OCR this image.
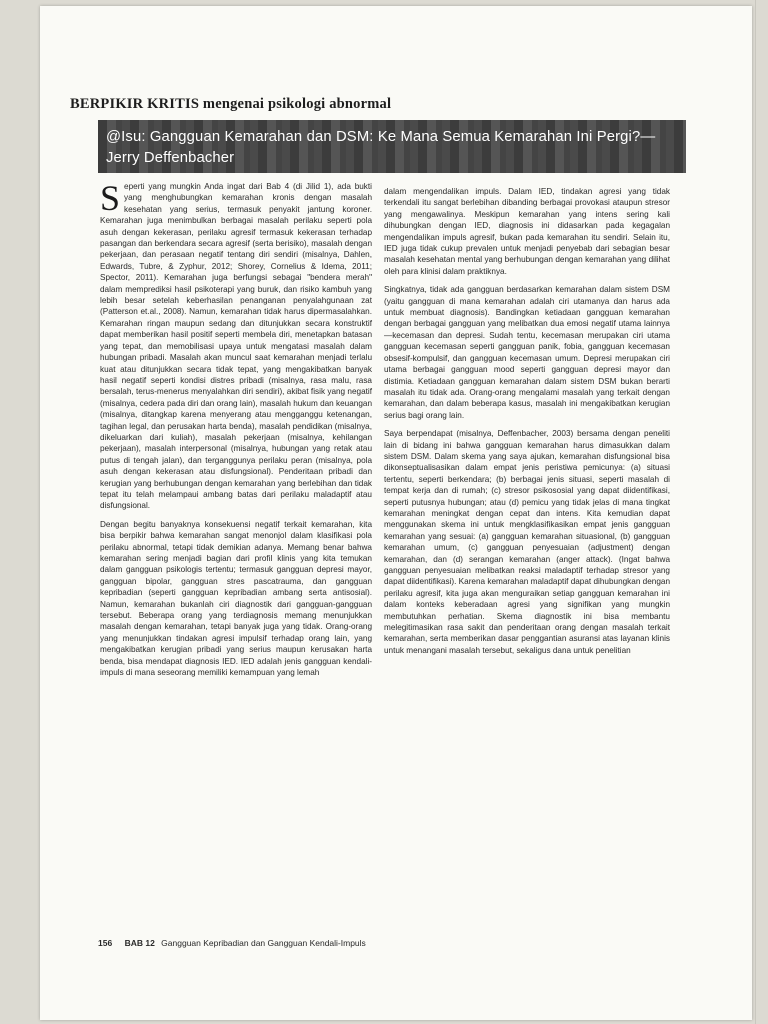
BERPIKIR KRITIS mengenai psikologi abnormal
@Isu: Gangguan Kemarahan dan DSM: Ke Mana Semua Kemarahan Ini Pergi?—Jerry Deffenbacher

Seperti yang mungkin Anda ingat dari Bab 4 (di Jilid 1), ada bukti yang menghubungkan kemarahan kronis dengan masalah kesehatan yang serius, termasuk penyakit jantung koroner. Kemarahan juga menimbulkan berbagai masalah perilaku seperti pola asuh dengan kekerasan, perilaku agresif termasuk kekerasan terhadap pasangan dan berkendara secara agresif (serta berisiko), masalah dengan pekerjaan, dan perasaan negatif tentang diri sendiri (misalnya, Dahlen, Edwards, Tubre, & Zyphur, 2012; Shorey, Cornelius & Idema, 2011; Spector, 2011). Kemarahan juga berfungsi sebagai "bendera merah" dalam memprediksi hasil psikoterapi yang buruk, dan risiko kambuh yang lebih besar setelah keberhasilan penanganan penyalahgunaan zat (Patterson et.al., 2008). Namun, kemarahan tidak harus dipermasalahkan. Kemarahan ringan maupun sedang dan ditunjukkan secara konstruktif dapat memberikan hasil positif seperti membela diri, menetapkan batasan yang tepat, dan memobilisasi upaya untuk mengatasi masalah dalam hubungan pribadi. Masalah akan muncul saat kemarahan menjadi terlalu kuat atau ditunjukkan secara tidak tepat, yang mengakibatkan banyak hasil negatif seperti kondisi distres pribadi (misalnya, rasa malu, rasa bersalah, terus-menerus menyalahkan diri sendiri), akibat fisik yang negatif (misalnya, cedera pada diri dan orang lain), masalah hukum dan keuangan (misalnya, ditangkap karena menyerang atau mengganggu ketenangan, tagihan legal, dan perusakan harta benda), masalah pendidikan (misalnya, dikeluarkan dari kuliah), masalah pekerjaan (misalnya, kehilangan pekerjaan), masalah interpersonal (misalnya, hubungan yang retak atau putus di tengah jalan), dan terganggunya perilaku peran (misalnya, pola asuh dengan kekerasan atau disfungsional). Penderitaan pribadi dan kerugian yang berhubungan dengan kemarahan yang berlebihan dan tidak tepat itu telah melampaui ambang batas dari perilaku maladaptif atau disfungsional.

Dengan begitu banyaknya konsekuensi negatif terkait kemarahan, kita bisa berpikir bahwa kemarahan sangat menonjol dalam klasifikasi pola perilaku abnormal, tetapi tidak demikian adanya. Memang benar bahwa kemarahan sering menjadi bagian dari profil klinis yang kita temukan dalam gangguan psikologis tertentu; termasuk gangguan depresi mayor, gangguan bipolar, gangguan stres pascatrauma, dan gangguan kepribadian (seperti gangguan kepribadian ambang serta antisosial). Namun, kemarahan bukanlah ciri diagnostik dari gangguan-gangguan tersebut. Beberapa orang yang terdiagnosis memang menunjukkan masalah dengan kemarahan, tetapi banyak juga yang tidak. Orang-orang yang menunjukkan tindakan agresi impulsif terhadap orang lain, yang mengakibatkan kerugian pribadi yang serius maupun kerusakan harta benda, bisa mendapat diagnosis IED. IED adalah jenis gangguan kendali-impuls di mana seseorang memiliki kemampuan yang lemah

dalam mengendalikan impuls. Dalam IED, tindakan agresi yang tidak terkendali itu sangat berlebihan dibanding berbagai provokasi ataupun stresor yang mengawalinya. Meskipun kemarahan yang intens sering kali dihubungkan dengan IED, diagnosis ini didasarkan pada kegagalan mengendalikan impuls agresif, bukan pada kemarahan itu sendiri. Selain itu, IED juga tidak cukup prevalen untuk menjadi penyebab dari sebagian besar masalah kesehatan mental yang berhubungan dengan kemarahan yang dilihat oleh para klinisi dalam praktiknya.

Singkatnya, tidak ada gangguan berdasarkan kemarahan dalam sistem DSM (yaitu gangguan di mana kemarahan adalah ciri utamanya dan harus ada untuk membuat diagnosis). Bandingkan ketiadaan gangguan kemarahan dengan berbagai gangguan yang melibatkan dua emosi negatif utama lainnya—kecemasan dan depresi. Sudah tentu, kecemasan merupakan ciri utama gangguan kecemasan seperti gangguan panik, fobia, gangguan kecemasan obsesif-kompulsif, dan gangguan kecemasan umum. Depresi merupakan ciri utama berbagai gangguan mood seperti gangguan depresi mayor dan distimia. Ketiadaan gangguan kemarahan dalam sistem DSM bukan berarti masalah itu tidak ada. Orang-orang mengalami masalah yang terkait dengan kemarahan, dan dalam beberapa kasus, masalah ini mengakibatkan kerugian serius bagi orang lain.

Saya berpendapat (misalnya, Deffenbacher, 2003) bersama dengan peneliti lain di bidang ini bahwa gangguan kemarahan harus dimasukkan dalam sistem DSM. Dalam skema yang saya ajukan, kemarahan disfungsional bisa dikonseptualisasikan dalam empat jenis peristiwa pemicunya: (a) situasi tertentu, seperti berkendara; (b) berbagai jenis situasi, seperti masalah di tempat kerja dan di rumah; (c) stresor psikososial yang dapat diidentifikasi, seperti putusnya hubungan; atau (d) pemicu yang tidak jelas di mana tingkat kemarahan meningkat dengan cepat dan intens. Kita kemudian dapat menggunakan skema ini untuk mengklasifikasikan empat jenis gangguan kemarahan yang sesuai: (a) gangguan kemarahan situasional, (b) gangguan kemarahan umum, (c) gangguan penyesuaian (adjustment) dengan kemarahan, dan (d) serangan kemarahan (anger attack). (Ingat bahwa gangguan penyesuaian melibatkan reaksi maladaptif terhadap stresor yang dapat diidentifikasi). Karena kemarahan maladaptif dapat dihubungkan dengan perilaku agresif, kita juga akan menguraikan setiap gangguan kemarahan ini dalam konteks keberadaan agresi yang signifikan yang mungkin membutuhkan perhatian. Skema diagnostik ini bisa membantu melegitimasikan rasa sakit dan penderitaan orang dengan masalah terkait kemarahan, serta memberikan dasar penggantian asuransi atas layanan klinis untuk menangani masalah tersebut, sekaligus dana untuk penelitian

156 BAB 12 Gangguan Kepribadian dan Gangguan Kendali-Impuls
